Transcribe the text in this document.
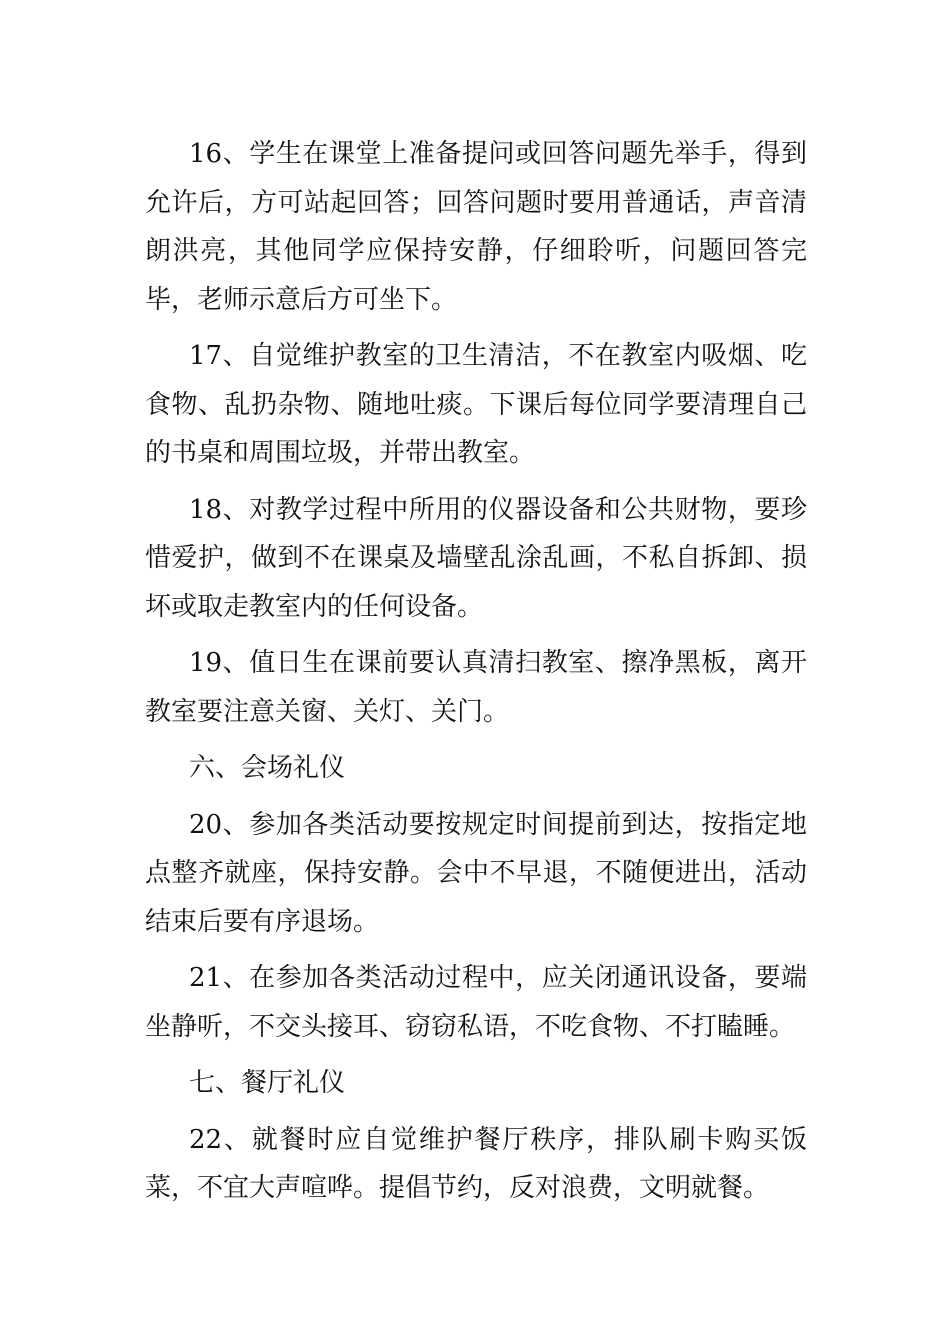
16、学生在课堂上准备提问或回答问题先举手，得到允许后，方可站起回答；回答问题时要用普通话，声音清朗洪亮，其他同学应保持安静，仔细聆听，问题回答完毕，老师示意后方可坐下。

17、自觉维护教室的卫生清洁，不在教室内吸烟、吃食物、乱扔杂物、随地吐痰。下课后每位同学要清理自己的书桌和周围垃圾，并带出教室。

18、对教学过程中所用的仪器设备和公共财物，要珍惜爱护，做到不在课桌及墙壁乱涂乱画，不私自拆卸、损坏或取走教室内的任何设备。

19、值日生在课前要认真清扫教室、擦净黑板，离开教室要注意关窗、关灯、关门。

六、会场礼仪

20、参加各类活动要按规定时间提前到达，按指定地点整齐就座，保持安静。会中不早退，不随便进出，活动结束后要有序退场。

21、在参加各类活动过程中，应关闭通讯设备，要端坐静听，不交头接耳、窃窃私语，不吃食物、不打瞌睡。

七、餐厅礼仪

22、就餐时应自觉维护餐厅秩序，排队刷卡购买饭菜，不宜大声喧哗。提倡节约，反对浪费，文明就餐。
